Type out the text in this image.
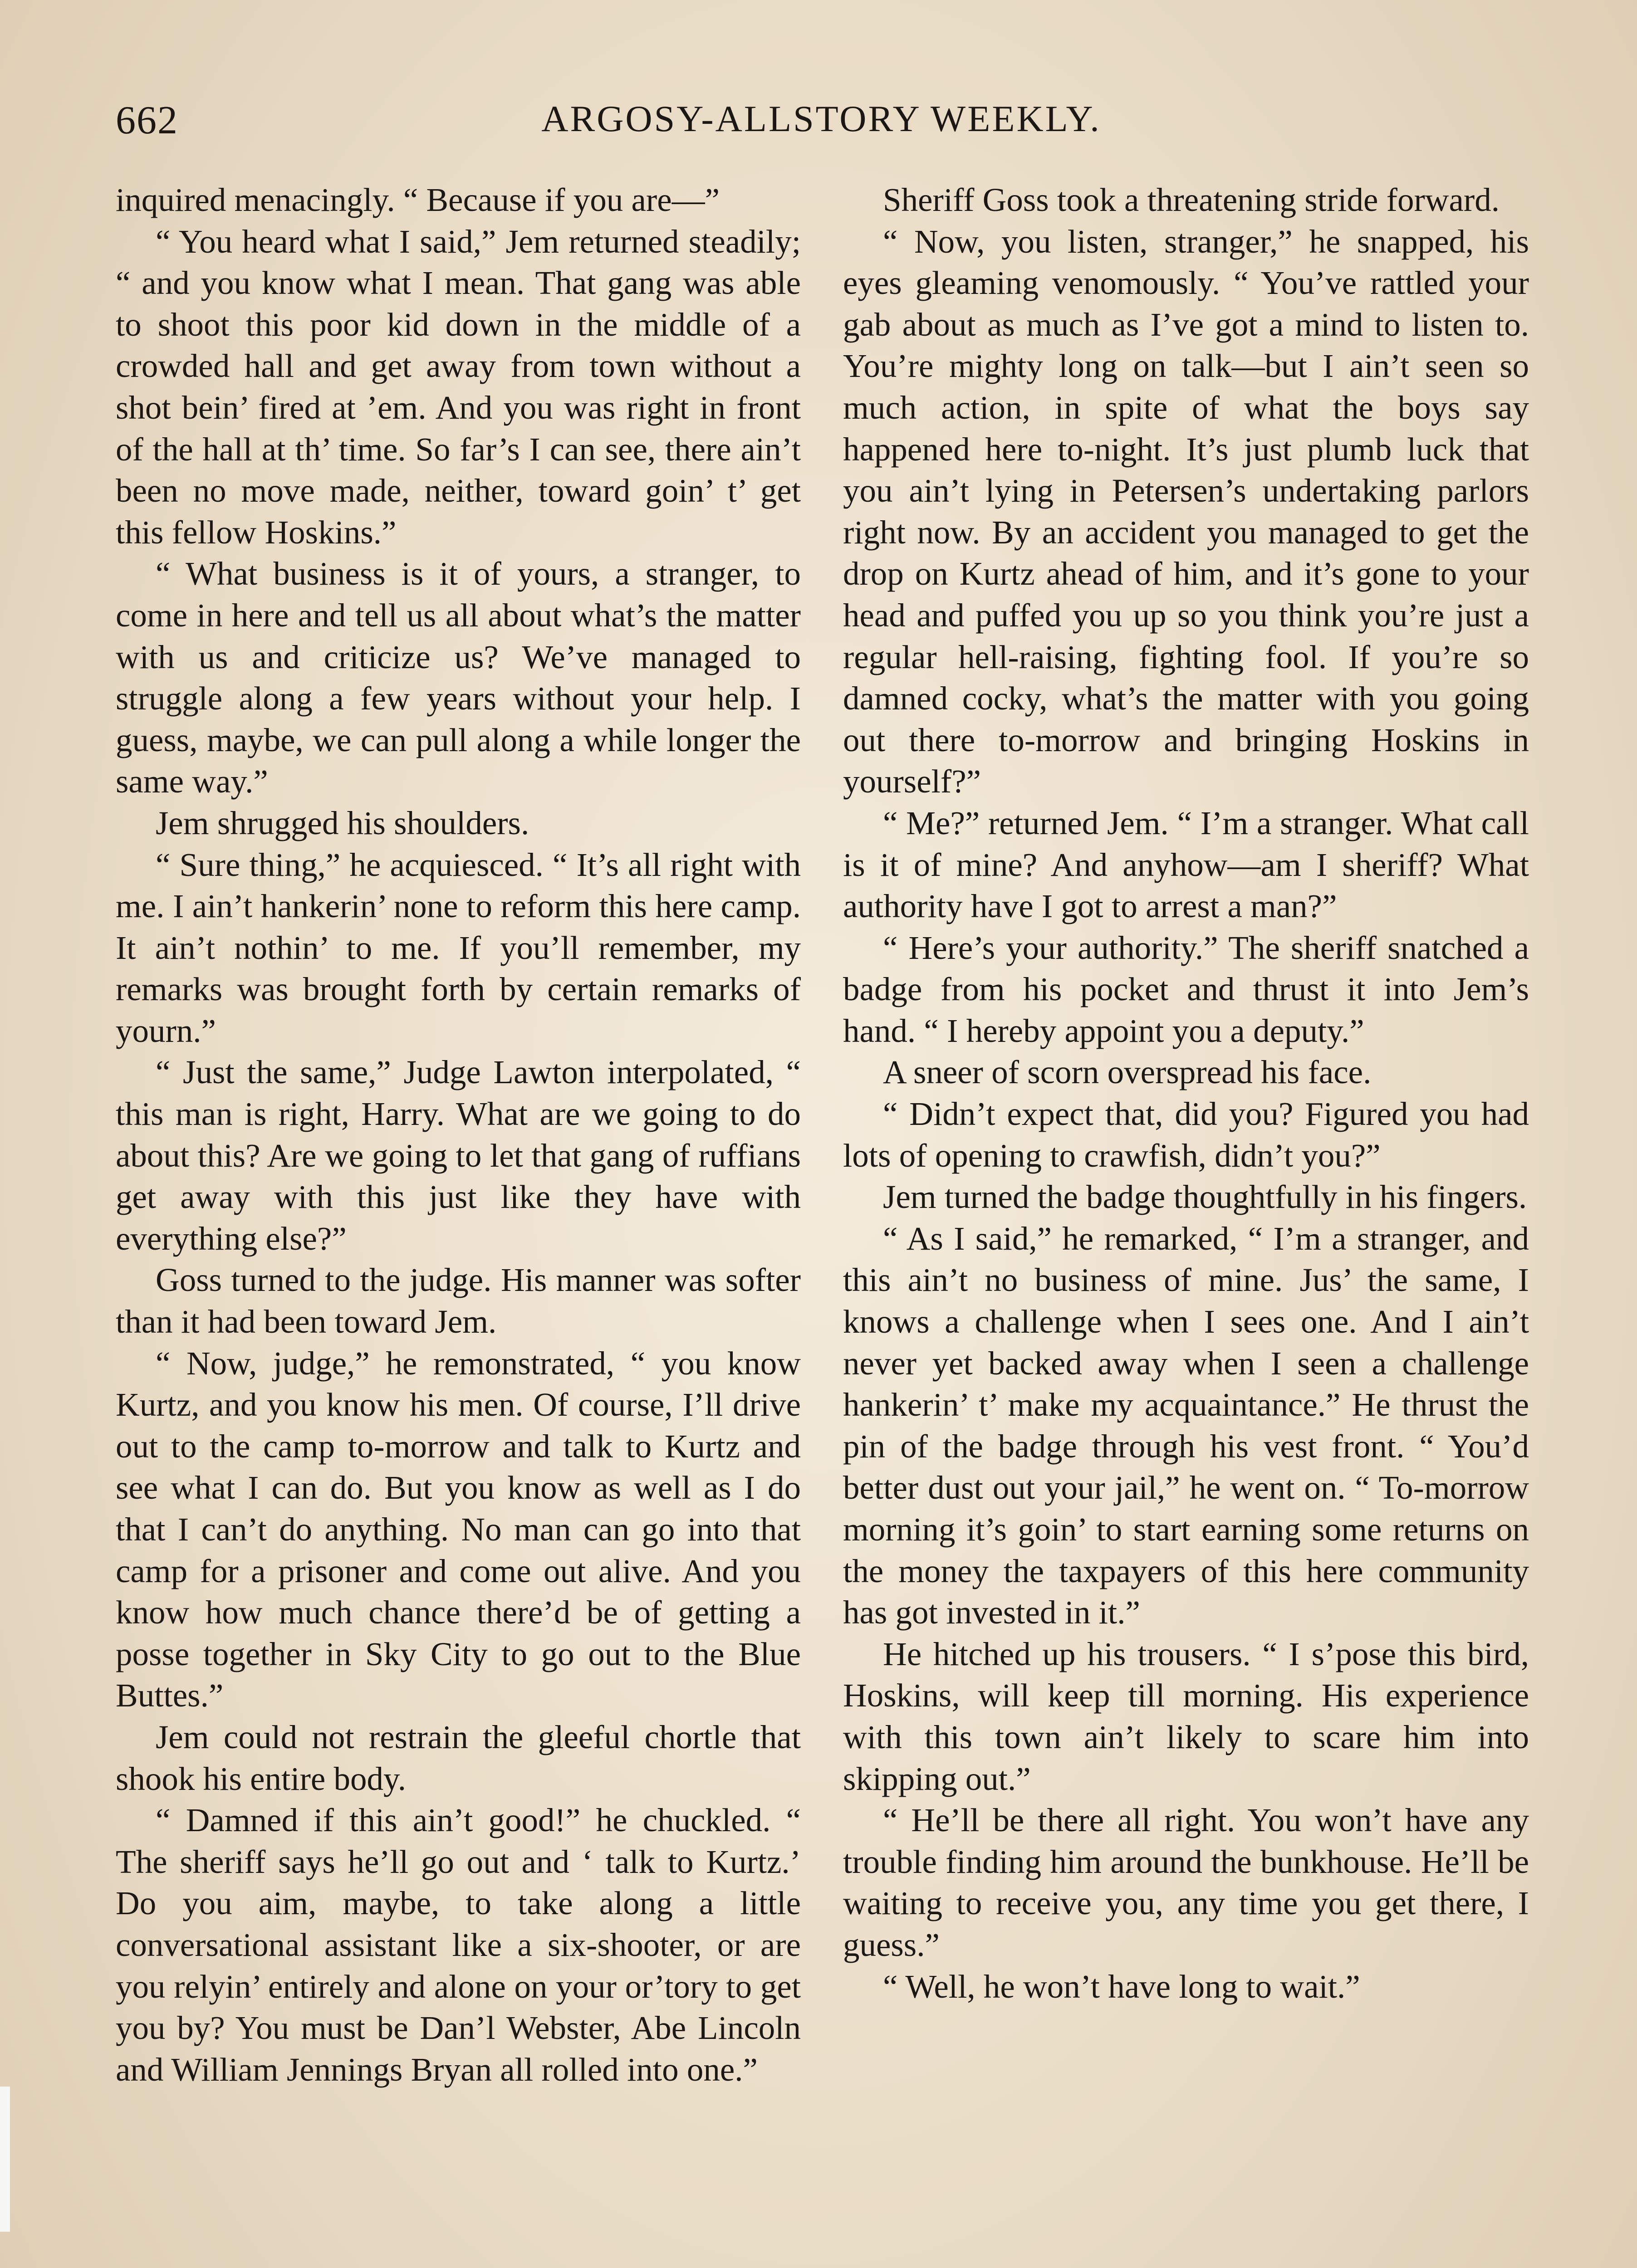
662	ARGOSY-ALLSTORY WEEKLY.

inquired menacingly. “ Because if you are—”

“ You heard what I said,” Jem returned steadily; “ and you know what I mean. That gang was able to shoot this poor kid down in the middle of a crowded hall and get away from town without a shot bein’ fired at ’em. And you was right in front of the hall at th’ time. So far’s I can see, there ain’t been no move made, neither, toward goin’ t’ get this fellow Hoskins.”

“ What business is it of yours, a stranger, to come in here and tell us all about what’s the matter with us and criticize us? We’ve managed to struggle along a few years without your help. I guess, maybe, we can pull along a while longer the same way.”

Jem shrugged his shoulders.

“ Sure thing,” he acquiesced. “ It’s all right with me. I ain’t hankerin’ none to reform this here camp. It ain’t nothin’ to me. If you’ll remember, my remarks was brought forth by certain remarks of yourn.”

“ Just the same,” Judge Lawton interpolated, “ this man is right, Harry. What are we going to do about this? Are we going to let that gang of ruffians get away with this just like they have with everything else?”

Goss turned to the judge. His manner was softer than it had been toward Jem.

“ Now, judge,” he remonstrated, “ you know Kurtz, and you know his men. Of course, I’ll drive out to the camp to-morrow and talk to Kurtz and see what I can do. But you know as well as I do that I can’t do anything. No man can go into that camp for a prisoner and come out alive. And you know how much chance there’d be of getting a posse together in Sky City to go out to the Blue Buttes.”

Jem could not restrain the gleeful chortle that shook his entire body.

“ Damned if this ain’t good!” he chuckled. “ The sheriff says he’ll go out and ‘ talk to Kurtz.’ Do you aim, maybe, to take along a little conversational assistant like a six-shooter, or are you relyin’ entirely and alone on your or’tory to get you by? You must be Dan’l Webster, Abe Lincoln and William Jennings Bryan all rolled into one.”

Sheriff Goss took a threatening stride forward.

“ Now, you listen, stranger,” he snapped, his eyes gleaming venomously. “ You’ve rattled your gab about as much as I’ve got a mind to listen to. You’re mighty long on talk—but I ain’t seen so much action, in spite of what the boys say happened here to-night. It’s just plumb luck that you ain’t lying in Petersen’s undertaking parlors right now. By an accident you managed to get the drop on Kurtz ahead of him, and it’s gone to your head and puffed you up so you think you’re just a regular hell-raising, fighting fool. If you’re so damned cocky, what’s the matter with you going out there to-morrow and bringing Hoskins in yourself?”

“ Me?” returned Jem. “ I’m a stranger. What call is it of mine? And anyhow—am I sheriff? What authority have I got to arrest a man?”

“ Here’s your authority.” The sheriff snatched a badge from his pocket and thrust it into Jem’s hand. “ I hereby appoint you a deputy.”

A sneer of scorn overspread his face.

“ Didn’t expect that, did you? Figured you had lots of opening to crawfish, didn’t you?”

Jem turned the badge thoughtfully in his fingers.

“ As I said,” he remarked, “ I’m a stranger, and this ain’t no business of mine. Jus’ the same, I knows a challenge when I sees one. And I ain’t never yet backed away when I seen a challenge hankerin’ t’ make my acquaintance.” He thrust the pin of the badge through his vest front. “ You’d better dust out your jail,” he went on. “ To-morrow morning it’s goin’ to start earning some returns on the money the taxpayers of this here community has got invested in it.”

He hitched up his trousers. “ I s’pose this bird, Hoskins, will keep till morning. His experience with this town ain’t likely to scare him into skipping out.”

“ He’ll be there all right. You won’t have any trouble finding him around the bunkhouse. He’ll be waiting to receive you, any time you get there, I guess.”

“ Well, he won’t have long to wait.”
